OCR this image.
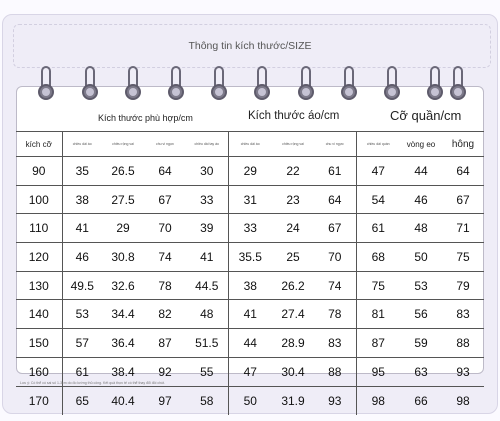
Thông tin kích thước/SIZE
Kích thước phù hợp/cm	Kích thước áo/cm	Cỡ quần/cm
kích cỡ	chiều dài áo	chiều rộng vai	chu vi ngực	chiều dài tay áo	chiều dài áo	chiều rộng vai	chu vi ngực	chiều dài quần	vòng eo	hông
90	35	26.5	64	30	29	22	61	47	44	64
100	38	27.5	67	33	31	23	64	54	46	67
110	41	29	70	39	33	24	67	61	48	71
120	46	30.8	74	41	35.5	25	70	68	50	75
130	49.5	32.6	78	44.5	38	26.2	74	75	53	79
140	53	34.4	82	48	41	27.4	78	81	56	83
150	57	36.4	87	51.5	44	28.9	83	87	59	88
160	61	38.4	92	55	47	30.4	88	95	63	93
170	65	40.4	97	58	50	31.9	93	98	66	98
Lưu ý: Có thể có sai số 1-3cm do đo lường thủ công. Kết quả thực tế có thể thay đổi đôi chút.
